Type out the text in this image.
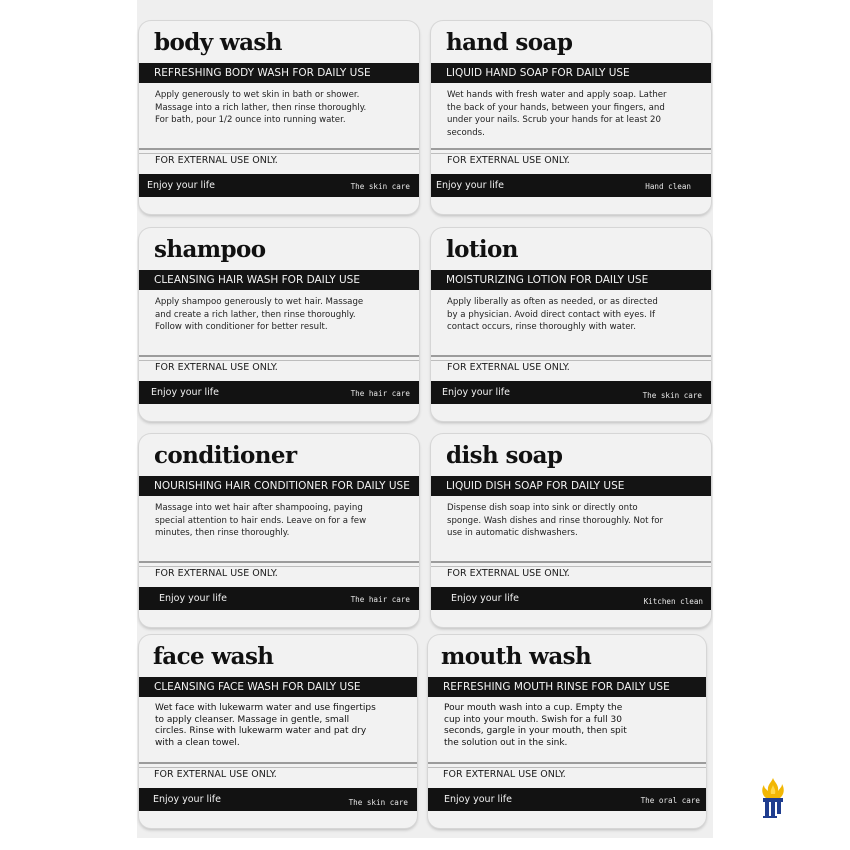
body wash
REFRESHING BODY WASH FOR DAILY USE
Apply generously to wet skin in bath or shower. Massage into a rich lather, then rinse thoroughly. For bath, pour 1/2 ounce into running water.
FOR EXTERNAL USE ONLY.
Enjoy your life	The skin care
hand soap
LIQUID HAND SOAP FOR DAILY USE
Wet hands with fresh water and apply soap. Lather the back of your hands, between your fingers, and under your nails. Scrub your hands for at least 20 seconds.
FOR EXTERNAL USE ONLY.
Enjoy your life	Hand clean
shampoo
CLEANSING HAIR WASH FOR DAILY USE
Apply shampoo generously to wet hair. Massage and create a rich lather, then rinse thoroughly. Follow with conditioner for better result.
FOR EXTERNAL USE ONLY.
Enjoy your life	The hair care
lotion
MOISTURIZING LOTION FOR DAILY USE
Apply liberally as often as needed, or as directed by a physician. Avoid direct contact with eyes. If contact occurs, rinse thoroughly with water.
FOR EXTERNAL USE ONLY.
Enjoy your life	The skin care
conditioner
NOURISHING HAIR CONDITIONER FOR DAILY USE
Massage into wet hair after shampooing, paying special attention to hair ends. Leave on for a few minutes, then rinse thoroughly.
FOR EXTERNAL USE ONLY.
Enjoy your life	The hair care
dish soap
LIQUID DISH SOAP FOR DAILY USE
Dispense dish soap into sink or directly onto sponge. Wash dishes and rinse thoroughly. Not for use in automatic dishwashers.
FOR EXTERNAL USE ONLY.
Enjoy your life	Kitchen clean
face wash
CLEANSING FACE WASH FOR DAILY USE
Wet face with lukewarm water and use fingertips to apply cleanser. Massage in gentle, small circles. Rinse with lukewarm water and pat dry with a clean towel.
FOR EXTERNAL USE ONLY.
Enjoy your life	The skin care
mouth wash
REFRESHING MOUTH RINSE FOR DAILY USE
Pour mouth wash into a cup. Empty the cup into your mouth. Swish for a full 30 seconds, gargle in your mouth, then spit the solution out in the sink.
FOR EXTERNAL USE ONLY.
Enjoy your life	The oral care
